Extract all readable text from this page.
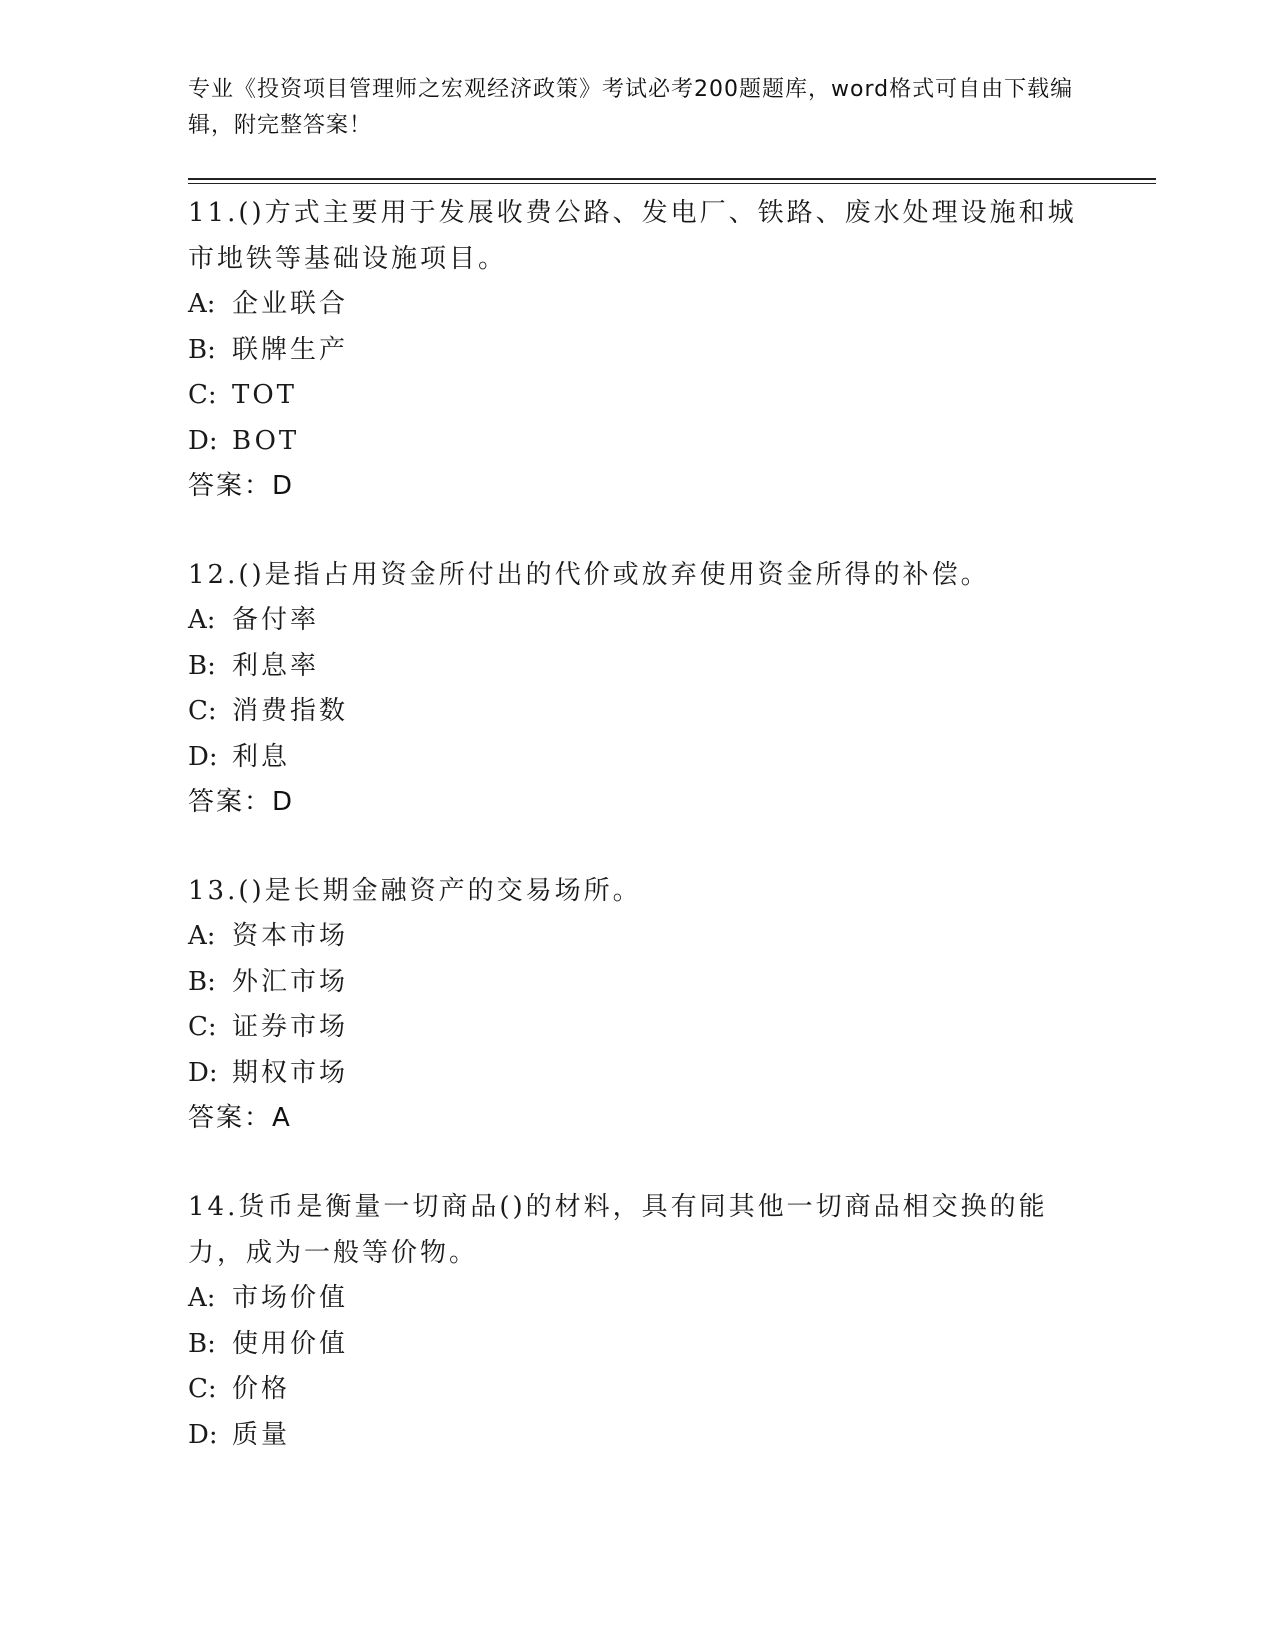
专业《投资项目管理师之宏观经济政策》考试必考200题题库，word格式可自由下载编辑，附完整答案！

11.()方式主要用于发展收费公路、发电厂、铁路、废水处理设施和城市地铁等基础设施项目。

A: 企业联合

B: 联牌生产

C: TOT

D: BOT

答案：D

12.()是指占用资金所付出的代价或放弃使用资金所得的补偿。

A: 备付率

B: 利息率

C: 消费指数

D: 利息

答案：D

13.()是长期金融资产的交易场所。

A: 资本市场

B: 外汇市场

C: 证券市场

D: 期权市场

答案：A

14.货币是衡量一切商品()的材料，具有同其他一切商品相交换的能力，成为一般等价物。

A: 市场价值

B: 使用价值

C: 价格

D: 质量
